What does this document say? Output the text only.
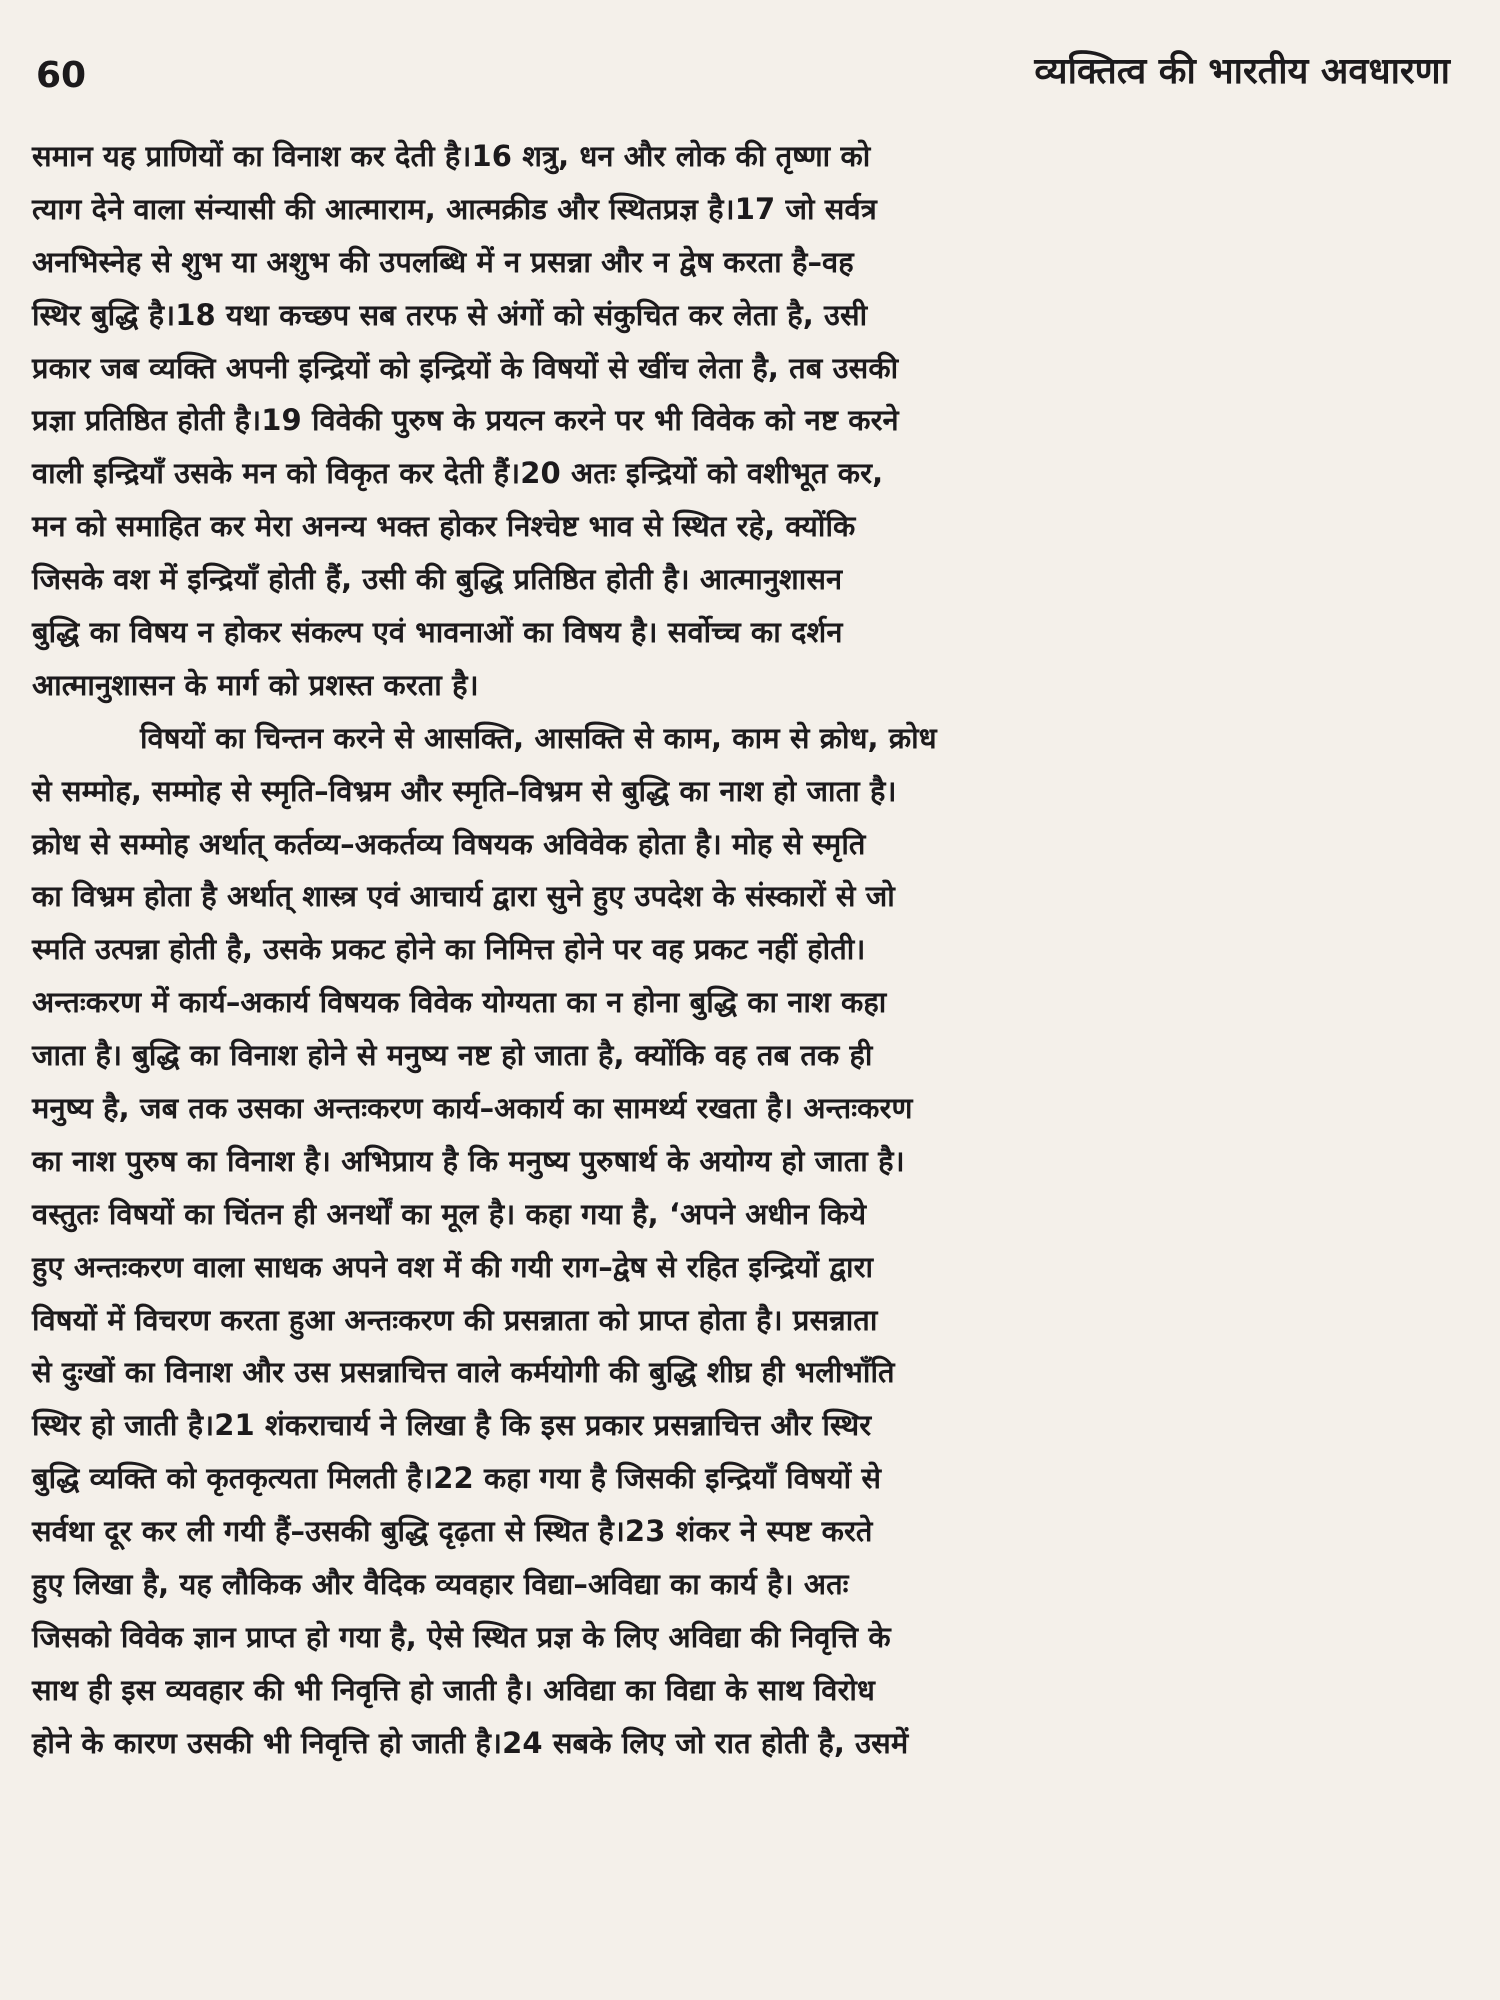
60	व्यक्तित्व की भारतीय अवधारणा
समान यह प्राणियों का विनाश कर देती है।16 शत्रु, धन और लोक की तृष्णा को
त्याग देने वाला संन्यासी की आत्माराम, आत्मक्रीड और स्थितप्रज्ञ है।17 जो सर्वत्र
अनभिस्नेह से शुभ या अशुभ की उपलब्धि में न प्रसन्ना और न द्वेष करता है–वह
स्थिर बुद्धि है।18 यथा कच्छप सब तरफ से अंगों को संकुचित कर लेता है, उसी
प्रकार जब व्यक्ति अपनी इन्द्रियों को इन्द्रियों के विषयों से खींच लेता है, तब उसकी
प्रज्ञा प्रतिष्ठित होती है।19 विवेकी पुरुष के प्रयत्न करने पर भी विवेक को नष्ट करने
वाली इन्द्रियाँ उसके मन को विकृत कर देती हैं।20 अतः इन्द्रियों को वशीभूत कर,
मन को समाहित कर मेरा अनन्य भक्त होकर निश्चेष्ट भाव से स्थित रहे, क्योंकि
जिसके वश में इन्द्रियाँ होती हैं, उसी की बुद्धि प्रतिष्ठित होती है। आत्मानुशासन
बुद्धि का विषय न होकर संकल्प एवं भावनाओं का विषय है। सर्वोच्च का दर्शन
आत्मानुशासन के मार्ग को प्रशस्त करता है।
विषयों का चिन्तन करने से आसक्ति, आसक्ति से काम, काम से क्रोध, क्रोध
से सम्मोह, सम्मोह से स्मृति–विभ्रम और स्मृति–विभ्रम से बुद्धि का नाश हो जाता है।
क्रोध से सम्मोह अर्थात् कर्तव्य–अकर्तव्य विषयक अविवेक होता है। मोह से स्मृति
का विभ्रम होता है अर्थात् शास्त्र एवं आचार्य द्वारा सुने हुए उपदेश के संस्कारों से जो
स्मति उत्पन्ना होती है, उसके प्रकट होने का निमित्त होने पर वह प्रकट नहीं होती।
अन्तःकरण में कार्य–अकार्य विषयक विवेक योग्यता का न होना बुद्धि का नाश कहा
जाता है। बुद्धि का विनाश होने से मनुष्य नष्ट हो जाता है, क्योंकि वह तब तक ही
मनुष्य है, जब तक उसका अन्तःकरण कार्य–अकार्य का सामर्थ्य रखता है। अन्तःकरण
का नाश पुरुष का विनाश है। अभिप्राय है कि मनुष्य पुरुषार्थ के अयोग्य हो जाता है।
वस्तुतः विषयों का चिंतन ही अनर्थों का मूल है। कहा गया है, ‘अपने अधीन किये
हुए अन्तःकरण वाला साधक अपने वश में की गयी राग–द्वेष से रहित इन्द्रियों द्वारा
विषयों में विचरण करता हुआ अन्तःकरण की प्रसन्नाता को प्राप्त होता है। प्रसन्नाता
से दुःखों का विनाश और उस प्रसन्नाचित्त वाले कर्मयोगी की बुद्धि शीघ्र ही भलीभाँति
स्थिर हो जाती है।21 शंकराचार्य ने लिखा है कि इस प्रकार प्रसन्नाचित्त और स्थिर
बुद्धि व्यक्ति को कृतकृत्यता मिलती है।22 कहा गया है जिसकी इन्द्रियाँ विषयों से
सर्वथा दूर कर ली गयी हैं–उसकी बुद्धि दृढ़ता से स्थित है।23 शंकर ने स्पष्ट करते
हुए लिखा है, यह लौकिक और वैदिक व्यवहार विद्या–अविद्या का कार्य है। अतः
जिसको विवेक ज्ञान प्राप्त हो गया है, ऐसे स्थित प्रज्ञ के लिए अविद्या की निवृत्ति के
साथ ही इस व्यवहार की भी निवृत्ति हो जाती है। अविद्या का विद्या के साथ विरोध
होने के कारण उसकी भी निवृत्ति हो जाती है।24 सबके लिए जो रात होती है, उसमें
